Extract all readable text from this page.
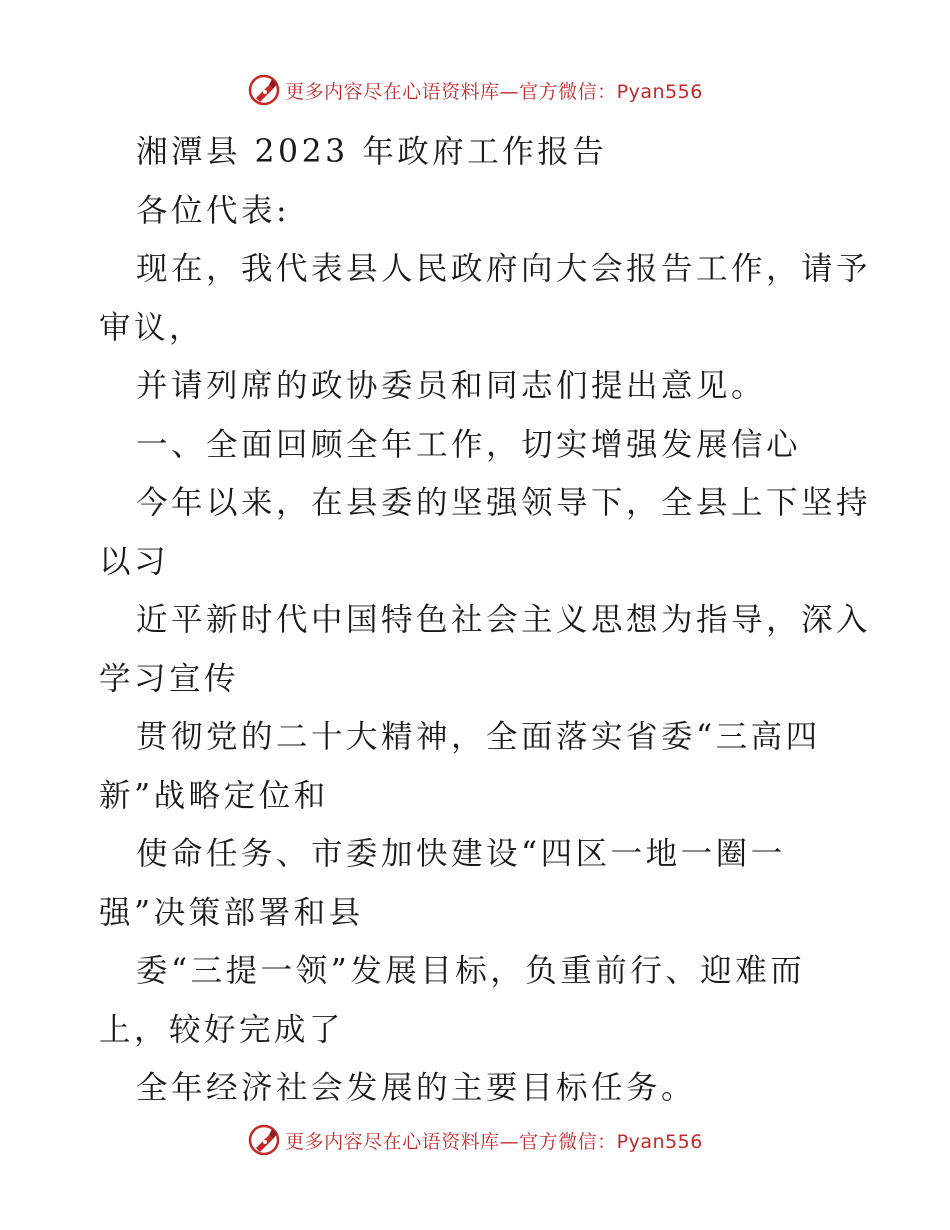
更多内容尽在心语资料库—官方微信：Pyan556
湘潭县 2023 年政府工作报告
各位代表:
现在，我代表县人民政府向大会报告工作，请予
审议，
并请列席的政协委员和同志们提出意见。
一、全面回顾全年工作，切实增强发展信心
今年以来，在县委的坚强领导下，全县上下坚持
以习
近平新时代中国特色社会主义思想为指导，深入
学习宣传
贯彻党的二十大精神，全面落实省委“三高四
新”战略定位和
使命任务、市委加快建设“四区一地一圈一
强”决策部署和县
委“三提一领”发展目标，负重前行、迎难而
上，较好完成了
全年经济社会发展的主要目标任务。
更多内容尽在心语资料库—官方微信：Pyan556
